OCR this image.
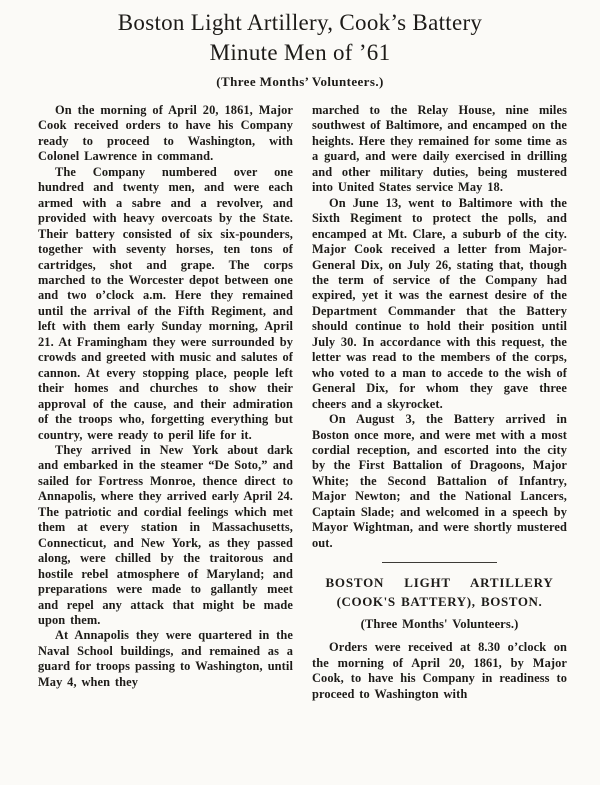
Boston Light Artillery, Cook’s Battery
Minute Men of ’61
(Three Months’ Volunteers.)

On the morning of April 20, 1861, Major Cook received orders to have his Company ready to proceed to Washington, with Colonel Lawrence in command.

The Company numbered over one hundred and twenty men, and were each armed with a sabre and a revolver, and provided with heavy overcoats by the State. Their battery consisted of six six-pounders, together with seventy horses, ten tons of cartridges, shot and grape. The corps marched to the Worcester depot between one and two o’clock a.m. Here they remained until the arrival of the Fifth Regiment, and left with them early Sunday morning, April 21. At Framingham they were surrounded by crowds and greeted with music and salutes of cannon. At every stopping place, people left their homes and churches to show their approval of the cause, and their admiration of the troops who, forgetting everything but country, were ready to peril life for it.

They arrived in New York about dark and embarked in the steamer “De Soto,” and sailed for Fortress Monroe, thence direct to Annapolis, where they arrived early April 24. The patriotic and cordial feelings which met them at every station in Massachusetts, Connecticut, and New York, as they passed along, were chilled by the traitorous and hostile rebel atmosphere of Maryland; and preparations were made to gallantly meet and repel any attack that might be made upon them.

At Annapolis they were quartered in the Naval School buildings, and remained as a guard for troops passing to Washington, until May 4, when they

marched to the Relay House, nine miles southwest of Baltimore, and encamped on the heights. Here they remained for some time as a guard, and were daily exercised in drilling and other military duties, being mustered into United States service May 18.

On June 13, went to Baltimore with the Sixth Regiment to protect the polls, and encamped at Mt. Clare, a suburb of the city. Major Cook received a letter from Major-General Dix, on July 26, stating that, though the term of service of the Company had expired, yet it was the earnest desire of the Department Commander that the Battery should continue to hold their position until July 30. In accordance with this request, the letter was read to the members of the corps, who voted to a man to accede to the wish of General Dix, for whom they gave three cheers and a skyrocket.

On August 3, the Battery arrived in Boston once more, and were met with a most cordial reception, and escorted into the city by the First Battalion of Dragoons, Major White; the Second Battalion of Infantry, Major Newton; and the National Lancers, Captain Slade; and welcomed in a speech by Mayor Wightman, and were shortly mustered out.

BOSTON LIGHT ARTILLERY
(COOK'S BATTERY), BOSTON.
(Three Months' Volunteers.)

Orders were received at 8.30 o’clock on the morning of April 20, 1861, by Major Cook, to have his Company in readiness to proceed to Washington with
